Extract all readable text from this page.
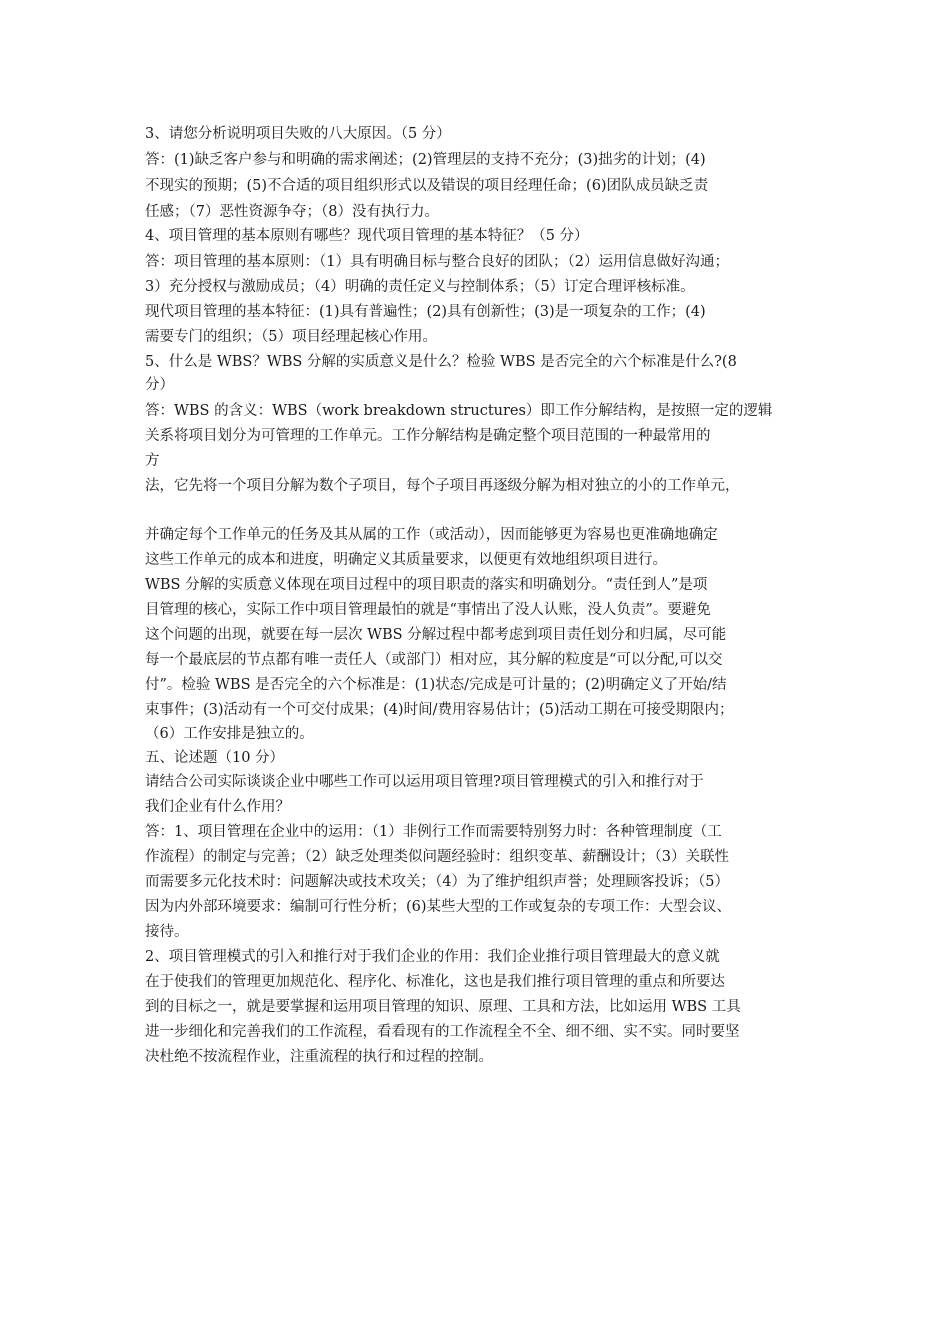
3、请您分析说明项目失败的八大原因。（5 分）

答：(1)缺乏客户参与和明确的需求阐述；(2)管理层的支持不充分；(3)拙劣的计划；(4)

不现实的预期；(5)不合适的项目组织形式以及错误的项目经理任命；(6)团队成员缺乏责

任感；（7）恶性资源争夺；（8）没有执行力。

4、项目管理的基本原则有哪些？现代项目管理的基本特征？（5 分）

答：项目管理的基本原则：（1）具有明确目标与整合良好的团队；（2）运用信息做好沟通；

3）充分授权与激励成员；（4）明确的责任定义与控制体系；（5）订定合理评核标准。

现代项目管理的基本特征：(1)具有普遍性；(2)具有创新性；(3)是一项复杂的工作；(4)

需要专门的组织；（5）项目经理起核心作用。

5、什么是 WBS？WBS 分解的实质意义是什么？检验 WBS 是否完全的六个标准是什么?(8

分）

答：WBS 的含义：WBS（work breakdown structures）即工作分解结构，是按照一定的逻辑

关系将项目划分为可管理的工作单元。工作分解结构是确定整个项目范围的一种最常用的

方

法，它先将一个项目分解为数个子项目，每个子项目再逐级分解为相对独立的小的工作单元，

并确定每个工作单元的任务及其从属的工作（或活动），因而能够更为容易也更准确地确定

这些工作单元的成本和进度，明确定义其质量要求，以便更有效地组织项目进行。

WBS 分解的实质意义体现在项目过程中的项目职责的落实和明确划分。“责任到人”是项

目管理的核心，实际工作中项目管理最怕的就是“事情出了没人认账，没人负责”。要避免

这个问题的出现，就要在每一层次 WBS 分解过程中都考虑到项目责任划分和归属，尽可能

每一个最底层的节点都有唯一责任人（或部门）相对应，其分解的粒度是“可以分配,可以交

付”。检验 WBS 是否完全的六个标准是：(1)状态/完成是可计量的；(2)明确定义了开始/结

束事件；(3)活动有一个可交付成果；(4)时间/费用容易估计；(5)活动工期在可接受期限内；

（6）工作安排是独立的。

五、论述题（10 分）

请结合公司实际谈谈企业中哪些工作可以运用项目管理?项目管理模式的引入和推行对于

我们企业有什么作用？

答：1、项目管理在企业中的运用：（1）非例行工作而需要特别努力时：各种管理制度（工

作流程）的制定与完善；（2）缺乏处理类似问题经验时：组织变革、薪酬设计；（3）关联性

而需要多元化技术时：问题解决或技术攻关；（4）为了维护组织声誉；处理顾客投诉；（5）

因为内外部环境要求：编制可行性分析；(6)某些大型的工作或复杂的专项工作：大型会议、

接待。

2、项目管理模式的引入和推行对于我们企业的作用：我们企业推行项目管理最大的意义就

在于使我们的管理更加规范化、程序化、标准化，这也是我们推行项目管理的重点和所要达

到的目标之一，就是要掌握和运用项目管理的知识、原理、工具和方法，比如运用 WBS 工具

进一步细化和完善我们的工作流程，看看现有的工作流程全不全、细不细、实不实。同时要坚

决杜绝不按流程作业，注重流程的执行和过程的控制。
